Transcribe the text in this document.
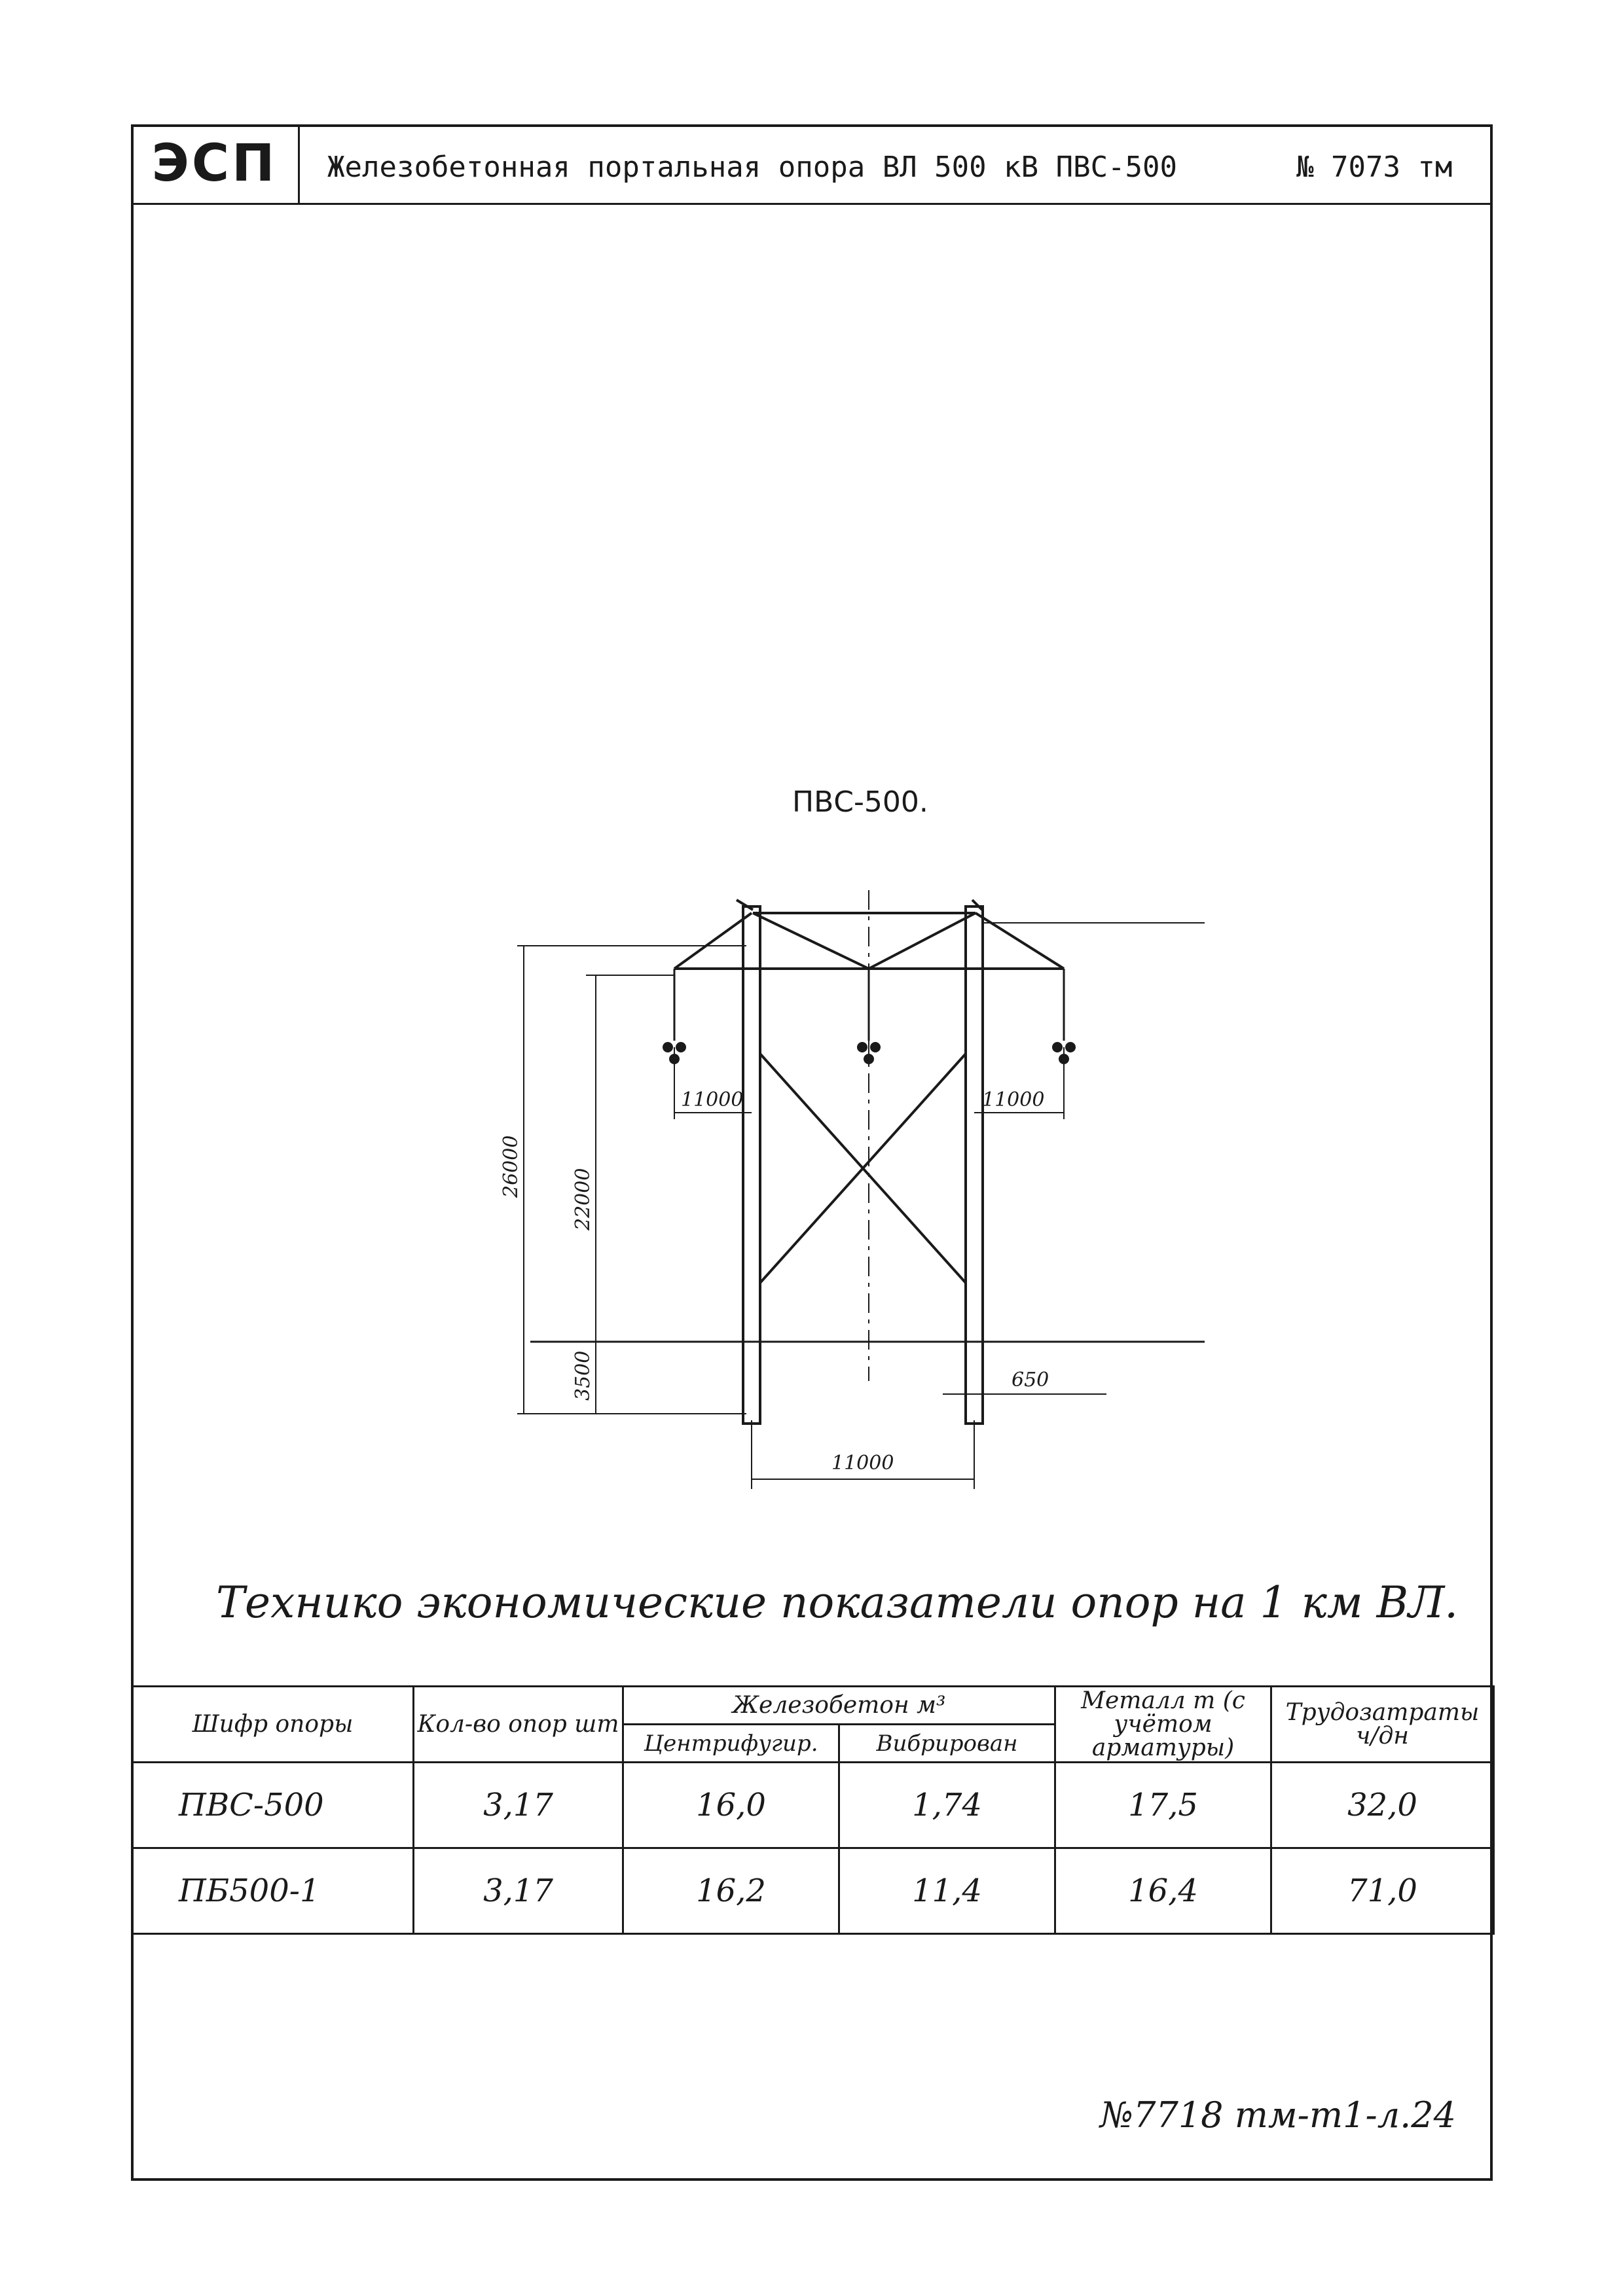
ЭСП	Железобетонная портальная опора ВЛ 500 кВ ПВС-500	№ 7073 тм
ПВС-500.
26000
22000
3500
11000	11000
11000
650
Технико экономические показатели опор на 1 км ВЛ.
Шифр опоры	Кол-во опор шт	Железобетон м³		Металл т (с учётом арматуры)	Трудозатраты ч/дн
		Центрифугир.	Вибрирован		
ПВС-500	3,17	16,0	1,74	17,5	32,0
ПБ500-1	3,17	16,2	11,4	16,4	71,0
№7718 тм-т1-л.24
